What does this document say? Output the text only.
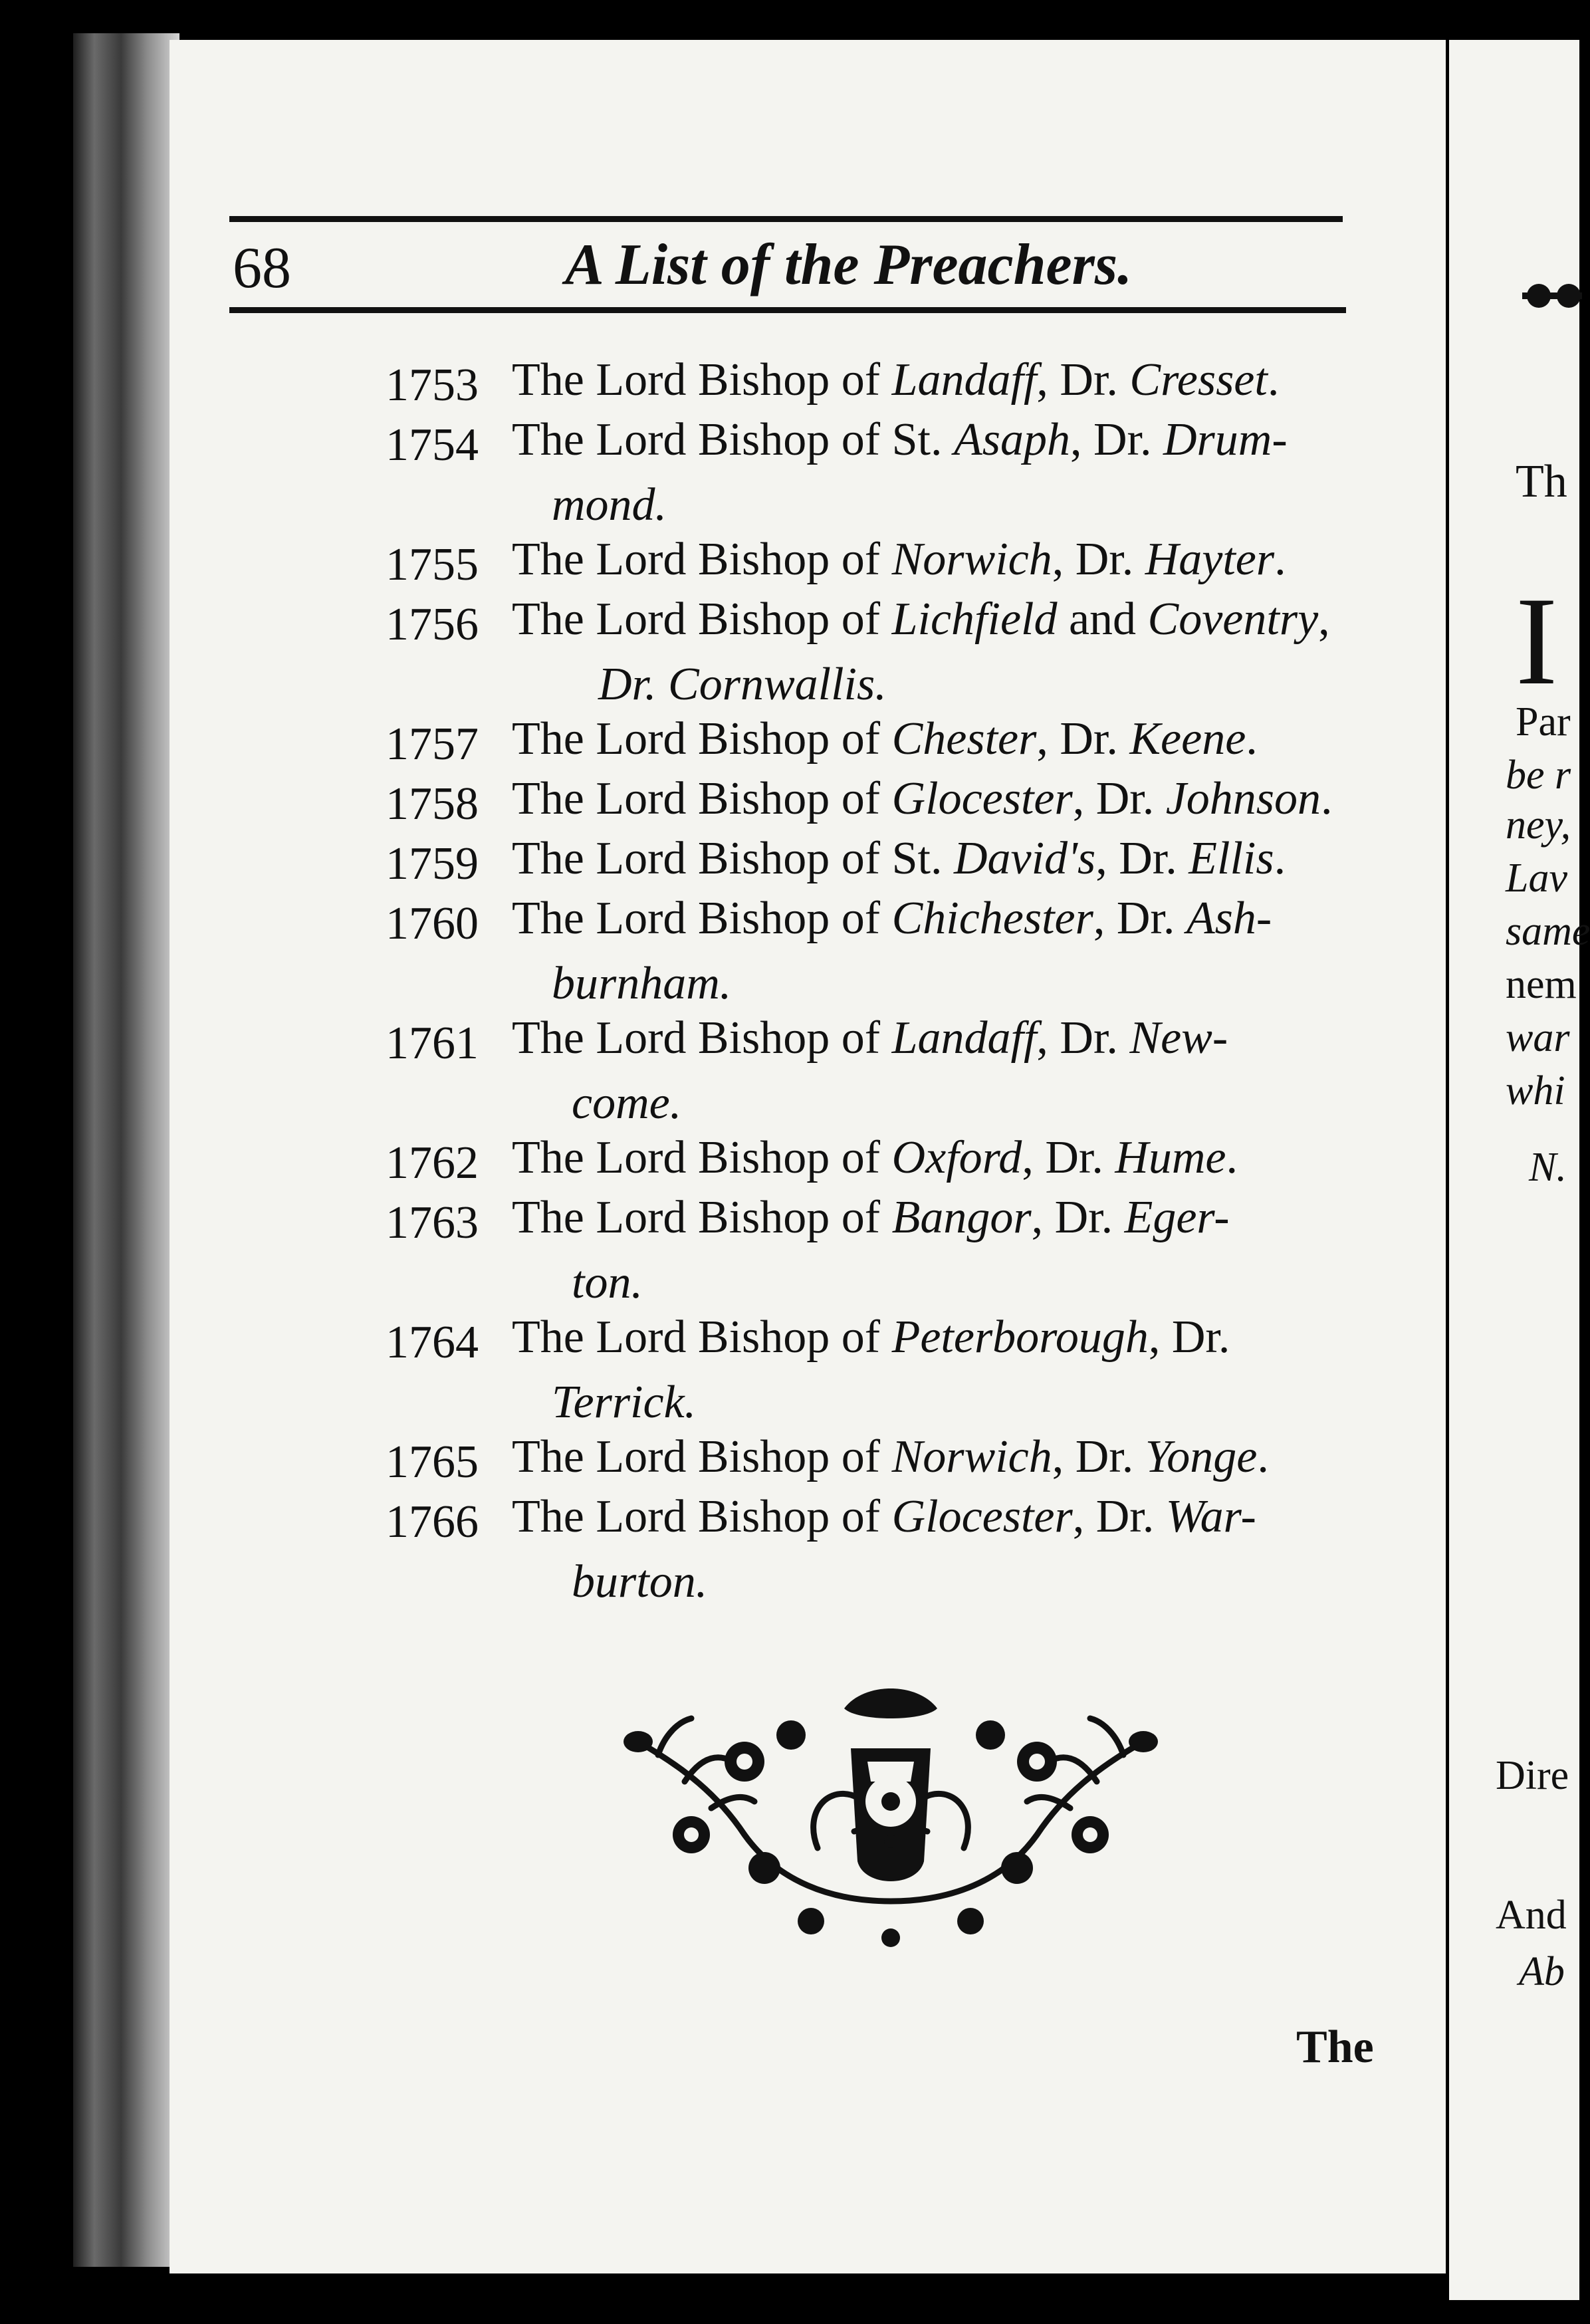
68	A List of the Preachers.
1753 The Lord Bishop of Landaff, Dr. Cresset.
1754 The Lord Bishop of St. Asaph, Dr. Drum-
mond.
1755 The Lord Bishop of Norwich, Dr. Hayter.
1756 The Lord Bishop of Lichfield and Coventry,
Dr. Cornwallis.
1757 The Lord Bishop of Chester, Dr. Keene.
1758 The Lord Bishop of Glocester, Dr. Johnson.
1759 The Lord Bishop of St. David's, Dr. Ellis.
1760 The Lord Bishop of Chichester, Dr. Ash-
burnham.
1761 The Lord Bishop of Landaff, Dr. New-
come.
1762 The Lord Bishop of Oxford, Dr. Hume.
1763 The Lord Bishop of Bangor, Dr. Eger-
ton.
1764 The Lord Bishop of Peterborough, Dr.
Terrick.
1765 The Lord Bishop of Norwich, Dr. Yonge.
1766 The Lord Bishop of Glocester, Dr. War-
burton.
The
Th
I
Par
be r
ney,
Lav
same
nem
war
whi
N.
Dire
And
Ab
